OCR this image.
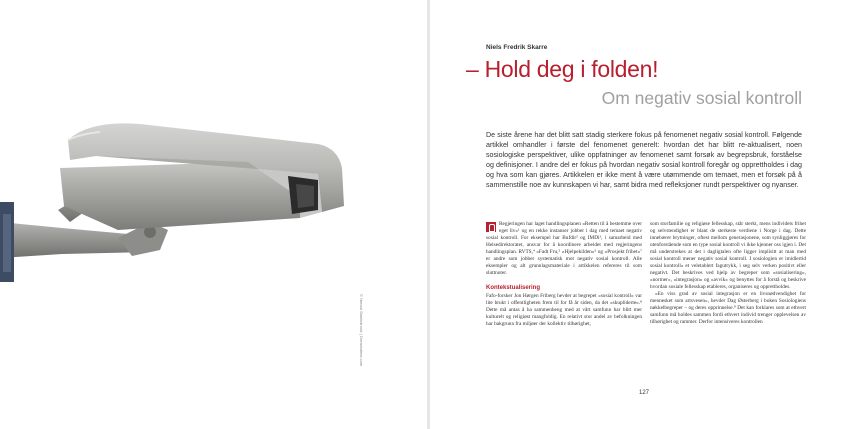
© Nenad Stanimirović | Dreamstime.com
Niels Fredrik Skarre
– Hold deg i folden!
Om negativ sosial kontroll

De siste årene har det blitt satt stadig sterkere fokus på fenomenet negativ sosial kontroll. Følgende artikkel omhandler i første del fenomenet generelt: hvordan det har blitt re-aktualisert, noen sosiologiske perspektiver, ulike oppfatninger av fenomenet samt forsøk av begrepsbruk, forståelse og definisjoner. I andre del er fokus på hvordan negativ sosial kontroll foregår og opprettholdes i dag og hva som kan gjøres. Artikkelen er ikke ment å være utømmende om temaet, men et forsøk på å sammenstille noe av kunnskapen vi har, samt bidra med refleksjoner rundt perspektiver og nyanser.

Regjeringen har laget handlingsplanen «Retten til å bestemme over eget liv»¹ og en rekke instanser jobber i dag med temaet negativ sosial kontroll. For eksempel har Bufdir² og IMDi³, i samarbeid med Helsedirektoratet, ansvar for å koordinere arbeidet med regjeringens handlingsplan. RVTS,⁴ «Fadt Fru,⁵ «Hjelpekilden»⁶ og «Prosjekt frihet»⁷ er andre som jobber systematisk mot negativ sosial kontroll. Alle eksempler og alt grunnlagsmateriale i artikkelen refereres til som sluttnoter.

Kontekstualisering

Fafo-forsker Jon Hørgen Friberg hevder at begrepet «sosial kontroll» var lite brukt i offentligheten frem til for få år siden, da det «skupliderte».⁸ Dette må antas å ha sammenheng med at vårt samfunn har blitt mer kulturelt og religiøst mangfoldig. En relativt stor andel av befolkningen har bakgrunn fra miljøer der kollektiv tilhørighet,

som storfamilie og religiøse fellesskap, står sterkt, mens individets frihet og selvstendighet er blant de sterkeste verdiene i Norge i dag. Dette innebærer brytninger, oftest mellom generasjonene, som synliggjøres for utenforstående som en type sosial kontroll vi ikke kjenner oss igjen i. Det må understrekes at det i dagligtalen ofte ligger implisitt at man med sosial kontroll mener negativ sosial kontroll. I sosiologien er imidlertid sosial kontroll» et veletablert fagutrykk, i seg selv verken positivt eller negativt. Det beskrives ved hjelp av begreper som «sosialisering», «normer», «integrasjon» og «avvik» og benyttes for å forstå og beskrive hvordan sosiale fellesskap etableres, organiseres og opprettholdes.

«En viss grad av sosial integrasjon er en livsnødvendighet for mennesket som artsvesen», hevder Dag Østerberg i boken Sosiologiens nøkkelbegreper – og deres opprinnelse.⁹ Det kan forklares som at ethvert samfunn må holdes sammen fordi ethvert individ trenger opplevelsen av tilhørighet og rammer. Derfor intensiveres kontrollen

127
